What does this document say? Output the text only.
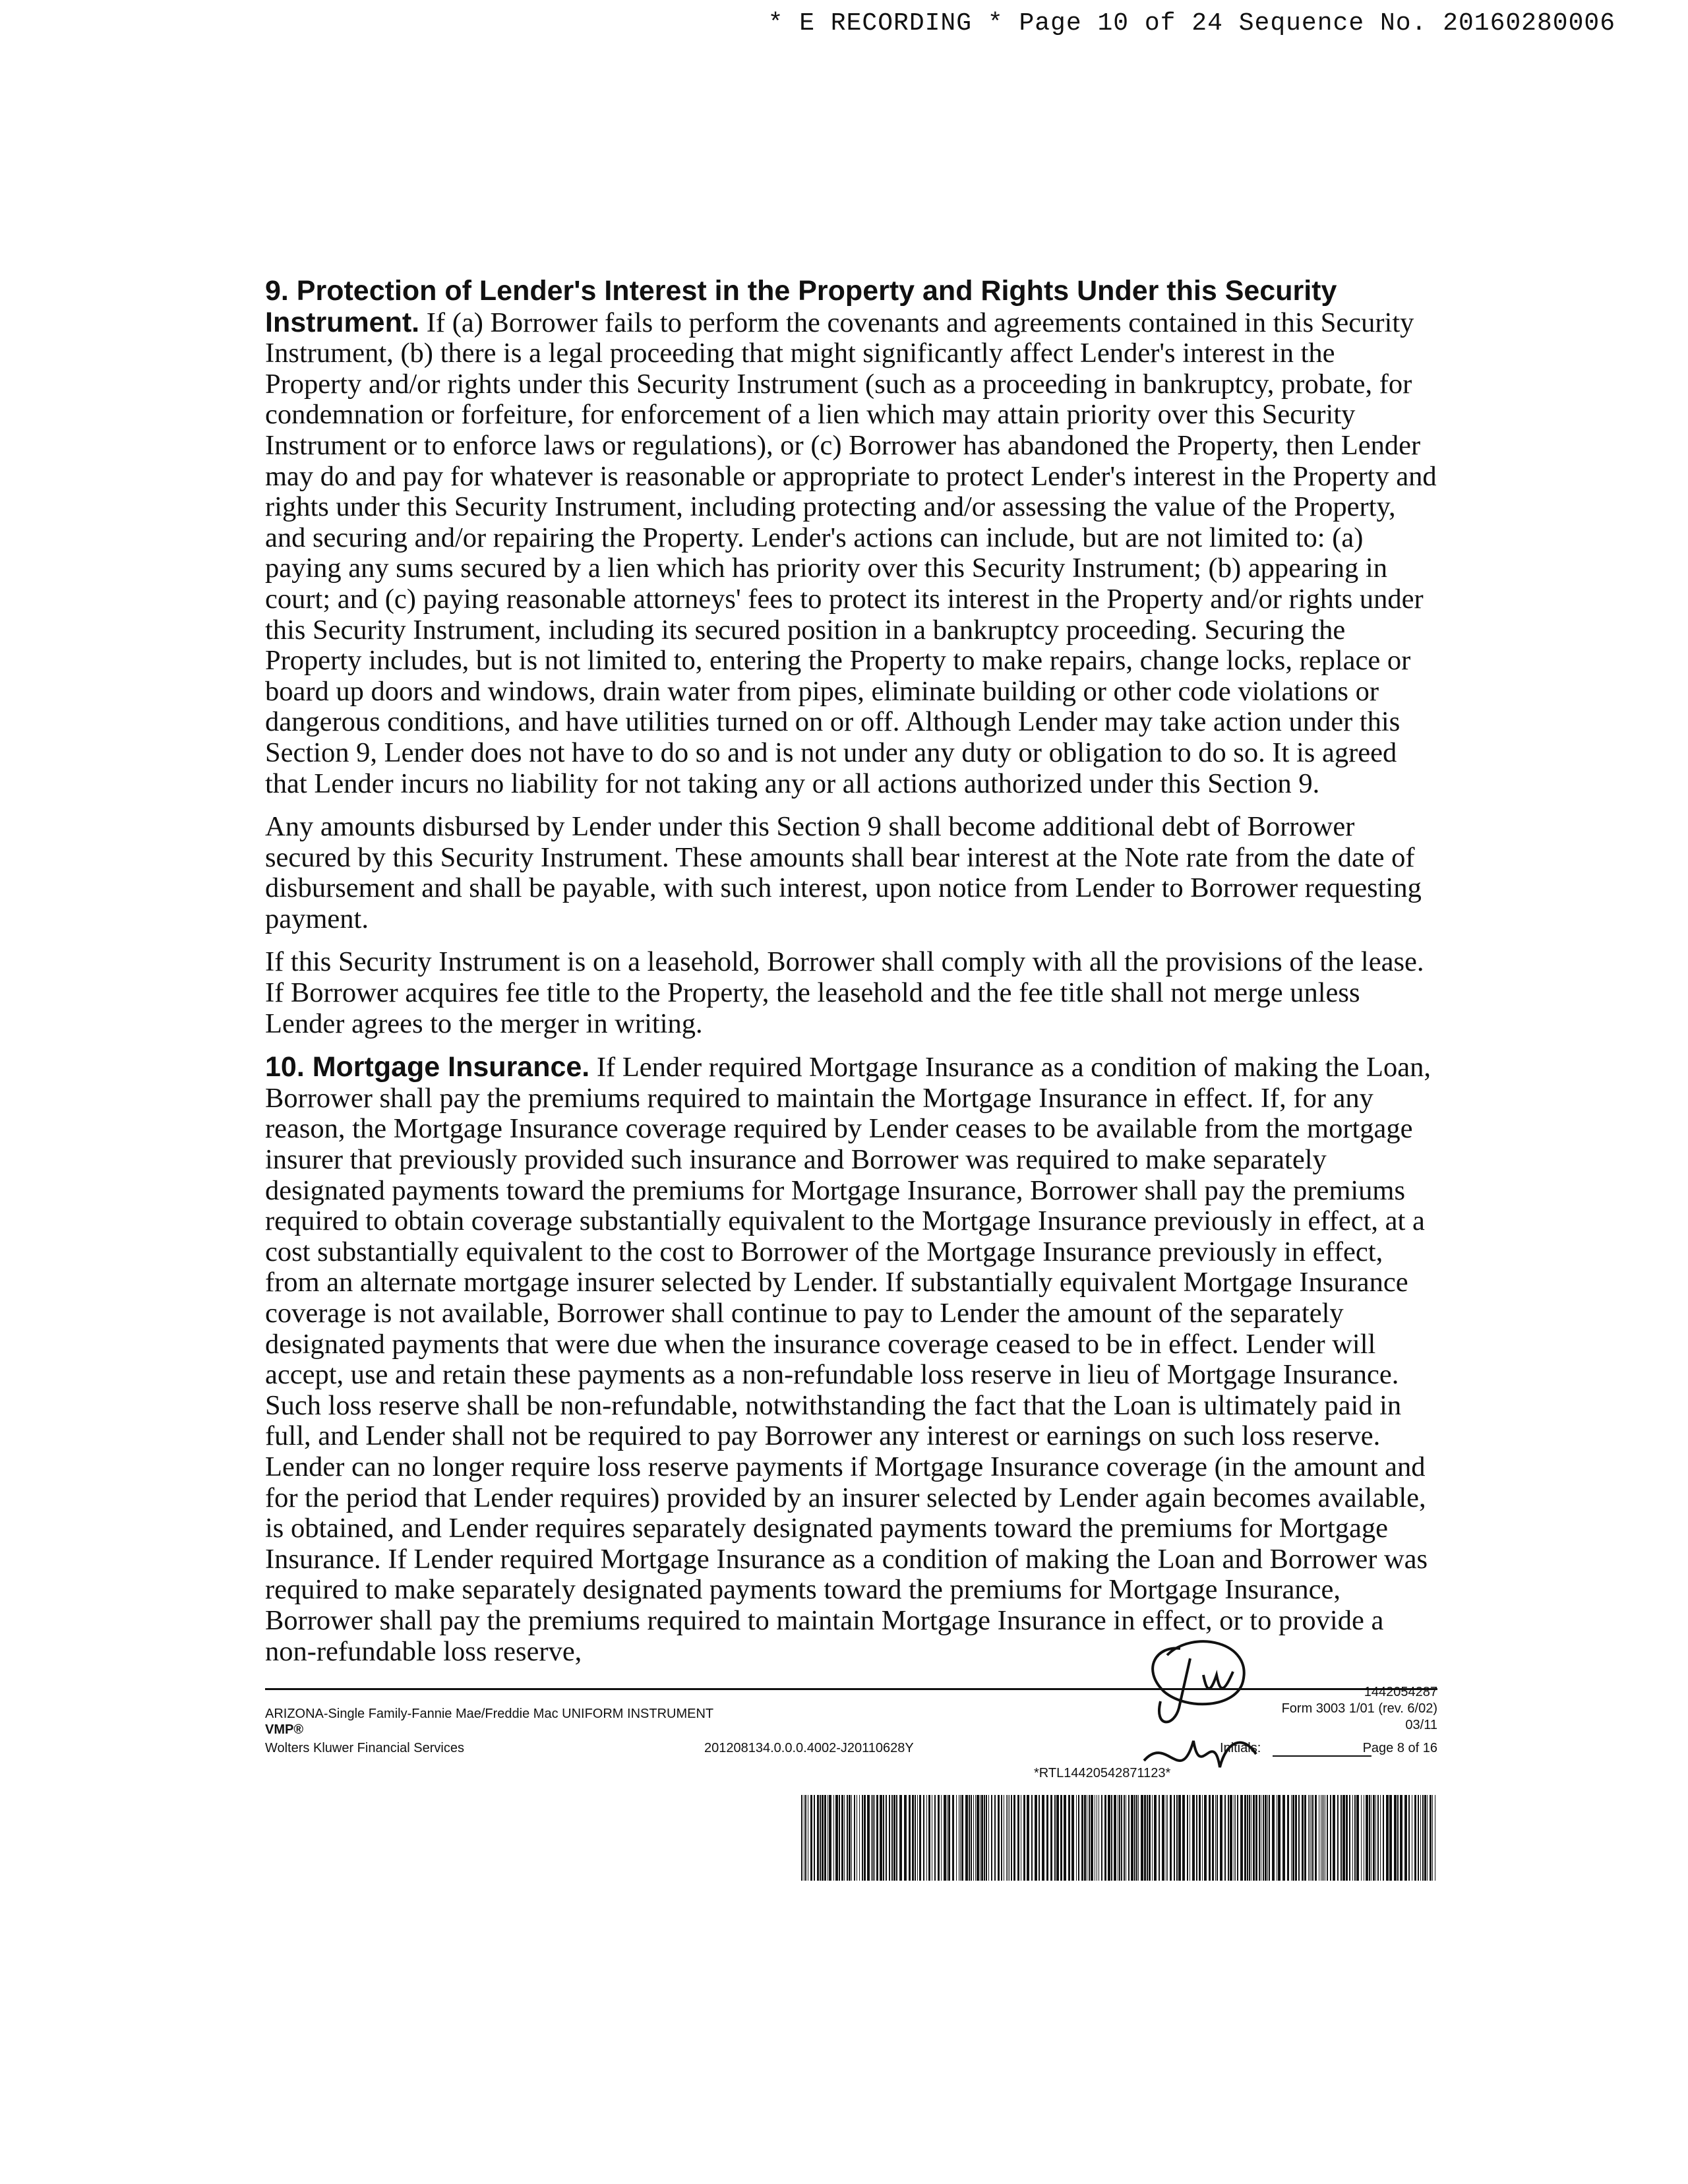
* E RECORDING * Page 10 of 24 Sequence No. 20160280006

9. Protection of Lender's Interest in the Property and Rights Under this Security Instrument. If (a) Borrower fails to perform the covenants and agreements contained in this Security Instrument, (b) there is a legal proceeding that might significantly affect Lender's interest in the Property and/or rights under this Security Instrument (such as a proceeding in bankruptcy, probate, for condemnation or forfeiture, for enforcement of a lien which may attain priority over this Security Instrument or to enforce laws or regulations), or (c) Borrower has abandoned the Property, then Lender may do and pay for whatever is reasonable or appropriate to protect Lender's interest in the Property and rights under this Security Instrument, including protecting and/or assessing the value of the Property, and securing and/or repairing the Property. Lender's actions can include, but are not limited to: (a) paying any sums secured by a lien which has priority over this Security Instrument; (b) appearing in court; and (c) paying reasonable attorneys' fees to protect its interest in the Property and/or rights under this Security Instrument, including its secured position in a bankruptcy proceeding. Securing the Property includes, but is not limited to, entering the Property to make repairs, change locks, replace or board up doors and windows, drain water from pipes, eliminate building or other code violations or dangerous conditions, and have utilities turned on or off. Although Lender may take action under this Section 9, Lender does not have to do so and is not under any duty or obligation to do so. It is agreed that Lender incurs no liability for not taking any or all actions authorized under this Section 9.

Any amounts disbursed by Lender under this Section 9 shall become additional debt of Borrower secured by this Security Instrument. These amounts shall bear interest at the Note rate from the date of disbursement and shall be payable, with such interest, upon notice from Lender to Borrower requesting payment.

If this Security Instrument is on a leasehold, Borrower shall comply with all the provisions of the lease. If Borrower acquires fee title to the Property, the leasehold and the fee title shall not merge unless Lender agrees to the merger in writing.

10. Mortgage Insurance. If Lender required Mortgage Insurance as a condition of making the Loan, Borrower shall pay the premiums required to maintain the Mortgage Insurance in effect. If, for any reason, the Mortgage Insurance coverage required by Lender ceases to be available from the mortgage insurer that previously provided such insurance and Borrower was required to make separately designated payments toward the premiums for Mortgage Insurance, Borrower shall pay the premiums required to obtain coverage substantially equivalent to the Mortgage Insurance previously in effect, at a cost substantially equivalent to the cost to Borrower of the Mortgage Insurance previously in effect, from an alternate mortgage insurer selected by Lender. If substantially equivalent Mortgage Insurance coverage is not available, Borrower shall continue to pay to Lender the amount of the separately designated payments that were due when the insurance coverage ceased to be in effect. Lender will accept, use and retain these payments as a non-refundable loss reserve in lieu of Mortgage Insurance. Such loss reserve shall be non-refundable, notwithstanding the fact that the Loan is ultimately paid in full, and Lender shall not be required to pay Borrower any interest or earnings on such loss reserve. Lender can no longer require loss reserve payments if Mortgage Insurance coverage (in the amount and for the period that Lender requires) provided by an insurer selected by Lender again becomes available, is obtained, and Lender requires separately designated payments toward the premiums for Mortgage Insurance. If Lender required Mortgage Insurance as a condition of making the Loan and Borrower was required to make separately designated payments toward the premiums for Mortgage Insurance, Borrower shall pay the premiums required to maintain Mortgage Insurance in effect, or to provide a non-refundable loss reserve,

ARIZONA-Single Family-Fannie Mae/Freddie Mac UNIFORM INSTRUMENT
VMP®
Wolters Kluwer Financial Services	201208134.0.0.0.4002-J20110628Y
1442054287
Form 3003 1/01 (rev. 6/02)
03/11
Initials:	Page 8 of 16
*RTL14420542871123*
